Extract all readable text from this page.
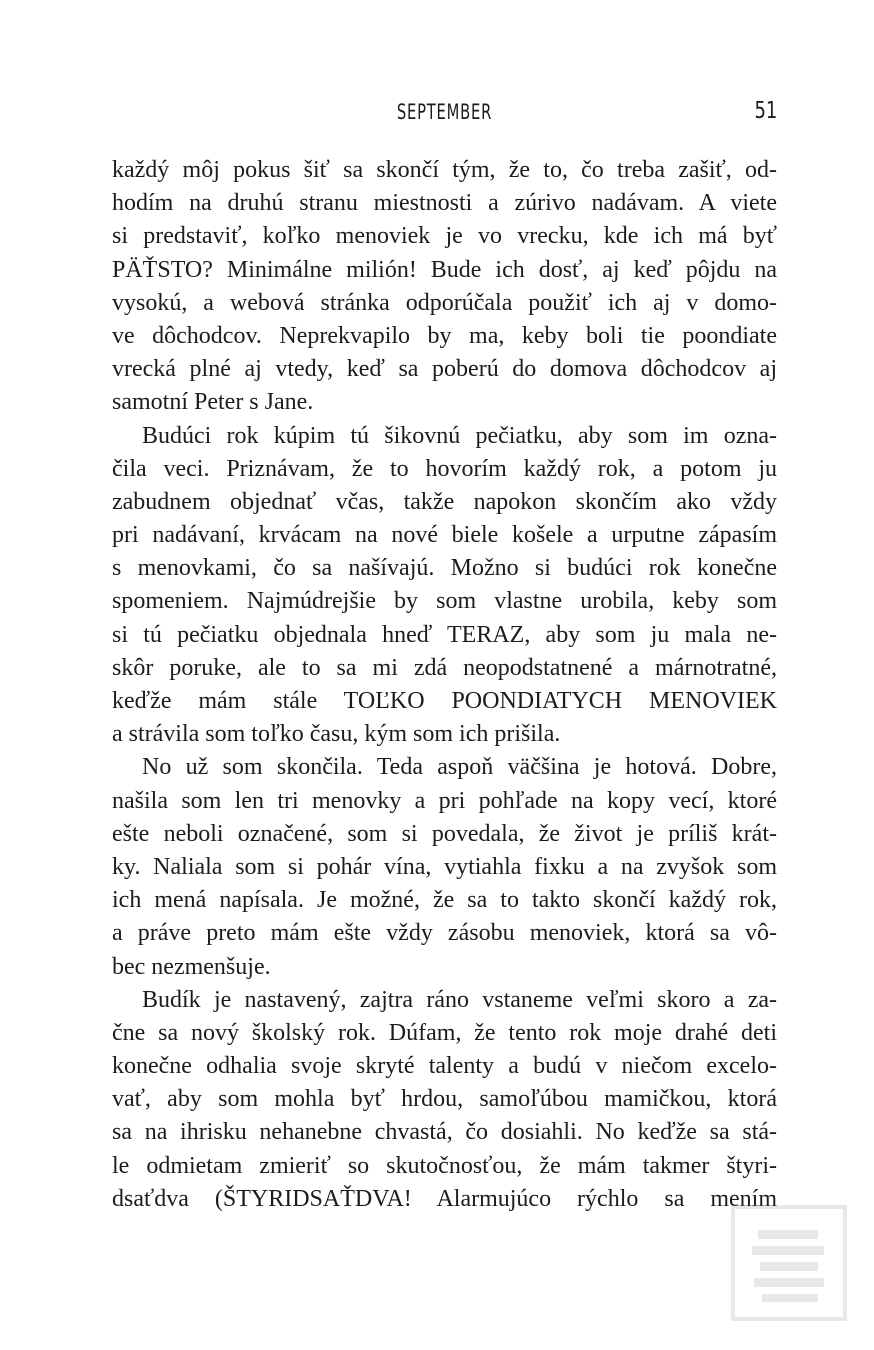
SEPTEMBER	51
každý môj pokus šiť sa skončí tým, že to, čo treba zašiť, od-
hodím na druhú stranu miestnosti a zúrivo nadávam. A viete
si predstaviť, koľko menoviek je vo vrecku, kde ich má byť
PÄŤSTO? Minimálne milión! Bude ich dosť, aj keď pôjdu na
vysokú, a webová stránka odporúčala použiť ich aj v domo-
ve dôchodcov. Neprekvapilo by ma, keby boli tie poondiate
vrecká plné aj vtedy, keď sa poberú do domova dôchodcov aj
samotní Peter s Jane.
Budúci rok kúpim tú šikovnú pečiatku, aby som im ozna-
čila veci. Priznávam, že to hovorím každý rok, a potom ju
zabudnem objednať včas, takže napokon skončím ako vždy
pri nadávaní, krvácam na nové biele košele a urputne zápasím
s menovkami, čo sa našívajú. Možno si budúci rok konečne
spomeniem. Najmúdrejšie by som vlastne urobila, keby som
si tú pečiatku objednala hneď TERAZ, aby som ju mala ne-
skôr poruke, ale to sa mi zdá neopodstatnené a márnotratné,
keďže mám stále TOĽKO POONDIATYCH MENOVIEK
a strávila som toľko času, kým som ich prišila.
No už som skončila. Teda aspoň väčšina je hotová. Dobre,
našila som len tri menovky a pri pohľade na kopy vecí, ktoré
ešte neboli označené, som si povedala, že život je príliš krát-
ky. Naliala som si pohár vína, vytiahla fixku a na zvyšok som
ich mená napísala. Je možné, že sa to takto skončí každý rok,
a práve preto mám ešte vždy zásobu menoviek, ktorá sa vô-
bec nezmenšuje.
Budík je nastavený, zajtra ráno vstaneme veľmi skoro a za-
čne sa nový školský rok. Dúfam, že tento rok moje drahé deti
konečne odhalia svoje skryté talenty a budú v niečom excelo-
vať, aby som mohla byť hrdou, samoľúbou mamičkou, ktorá
sa na ihrisku nehanebne chvastá, čo dosiahli. No keďže sa stá-
le odmietam zmieriť so skutočnosťou, že mám takmer štyri-
dsaťdva (ŠTYRIDSAŤDVA! Alarmujúco rýchlo sa mením
